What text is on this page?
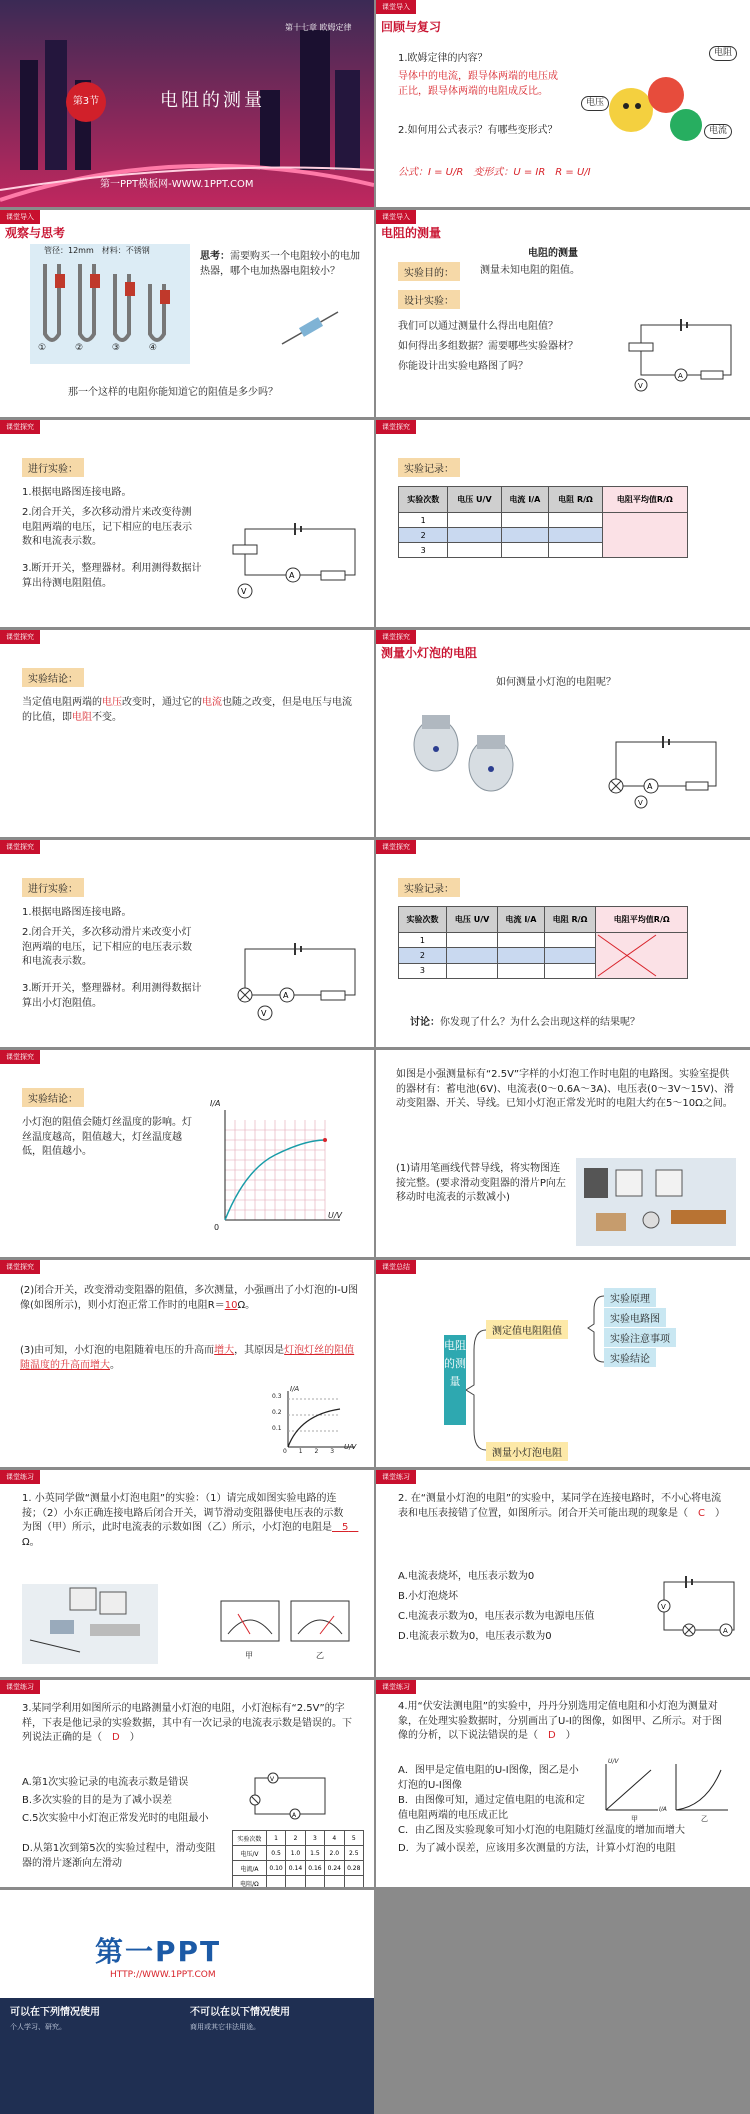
第十七章 欧姆定律
第3节	电阻的测量
第一PPT模板网-WWW.1PPT.COM
课堂导入
回顾与复习
1.欧姆定律的内容？
导体中的电流，跟导体两端的电压成正比，跟导体两端的电阻成反比。
2.如何用公式表示？有哪些变形式？
公式：I = U/R　 变形式：U = IR　 R = U/I
电阻
电压
电流
课堂导入
观察与思考
管径：12mm　材料：不锈钢
①	②	③	④
思考：需要购买一个电阻较小的电加热器，哪个电加热器电阻较小？
那一个这样的电阻你能知道它的阻值是多少吗？
课堂导入
电阻的测量
电阻的测量
实验目的：	测量未知电阻的阻值。
设计实验：
我们可以通过测量什么得出电阻值？
如何得出多组数据？需要哪些实验器材？
你能设计出实验电路图了吗？
A
V
课堂探究
进行实验：
1.根据电路图连接电路。
2.闭合开关，多次移动滑片来改变待测电阻两端的电压，记下相应的电压表示数和电流表示数。
3.断开开关，整理器材。利用测得数据计算出待测电阻阻值。
A
V
课堂探究
实验记录：
实验次数	电压 U/V	电流 I/A	电阻 R/Ω	电阻平均值R/Ω
1				
2				
3				
课堂探究
实验结论：
当定值电阻两端的电压改变时，通过它的电流也随之改变，但是电压与电流的比值，即电阻不变。
课堂探究
测量小灯泡的电阻
如何测量小灯泡的电阻呢？
A
V
课堂探究
进行实验：
1.根据电路图连接电路。
2.闭合开关，多次移动滑片来改变小灯泡两端的电压，记下相应的电压表示数和电流表示数。
3.断开开关，整理器材。利用测得数据计算出小灯泡阻值。
A
V
课堂探究
实验记录：
实验次数	电压 U/V	电流 I/A	电阻 R/Ω	电阻平均值R/Ω
1				

2				
3				
讨论：你发现了什么？为什么会出现这样的结果呢？
课堂探究
实验结论：
小灯泡的阻值会随灯丝温度的影响。灯丝温度越高，阻值越大，灯丝温度越低，阻值越小。
I/A
U/V
0
如图是小强测量标有“2.5V”字样的小灯泡工作时电阻的电路图。实验室提供的器材有：蓄电池(6V)、电流表(0～0.6A～3A)、电压表(0～3V～15V)、滑动变阻器、开关、导线。已知小灯泡正常发光时的电阻大约在5～10Ω之间。
(1)请用笔画线代替导线，将实物图连接完整。(要求滑动变阻器的滑片P向左移动时电流表的示数减小)
课堂探究
(2)闭合开关，改变滑动变阻器的阻值，多次测量，小强画出了小灯泡的I-U图像(如图所示)，则小灯泡正常工作时的电阻R＝10Ω。
(3)由可知，小灯泡的电阻随着电压的升高而增大，其原因是灯泡灯丝的阻值随温度的升高而增大。
I/A
U/V
0.3
0.2
0.1
0 1 2 3
课堂总结
电阻的测量
测定值电阻阻值
测量小灯泡电阻
实验原理
实验电路图
实验注意事项
实验结论
课堂练习
1. 小英同学做“测量小灯泡电阻”的实验：（1）请完成如图实验电路的连接；（2）小东正确连接电路后闭合开关，调节滑动变阻器使电压表的示数为图（甲）所示，此时电流表的示数如图（乙）所示，小灯泡的电阻是　 5　Ω。
甲	乙
课堂练习
2. 在“测量小灯泡的电阻”的实验中，某同学在连接电路时，不小心将电流表和电压表接错了位置，如图所示。闭合开关可能出现的现象是（　 C　 ）
A.电流表烧坏，电压表示数为0
B.小灯泡烧坏
C.电流表示数为0，电压表示数为电源电压值
D.电流表示数为0，电压表示数为0
V
A
课堂练习
3.某同学利用如图所示的电路测量小灯泡的电阻，小灯泡标有“2.5V”的字样，下表是他记录的实验数据，其中有一次记录的电流表示数是错误的。下列说法正确的是（　 D　 ）
A.第1次实验记录的电流表示数是错误
B.多次实验的目的是为了减小误差
C.5次实验中小灯泡正常发光时的电阻最小
D.从第1次到第5次的实验过程中，滑动变阻器的滑片逐渐向左滑动
V
A
实验次数	1	2	3	4	5
电压/V	0.5	1.0	1.5	2.0	2.5
电流/A	0.10	0.14	0.16	0.24	0.28
电阻/Ω					
课堂练习
4.用“伏安法测电阻”的实验中，丹丹分别选用定值电阻和小灯泡为测量对象，在处理实验数据时，分别画出了U-I的图像，如图甲、乙所示。对于图像的分析，以下说法错误的是（　 D　 ）
A．图甲是定值电阻的U-I图像，图乙是小灯泡的U-I图像
B．由图像可知，通过定值电阻的电流和定值电阻两端的电压成正比
C．由乙图及实验现象可知小灯泡的电阻随灯丝温度的增加而增大
D．为了减小误差，应该用多次测量的方法，计算小灯泡的电阻
甲	乙
U/V
I/A
第一PPT
HTTP://WWW.1PPT.COM
可以在下列情况使用
个人学习、研究。
不可以在以下情况使用
商用或其它非法用途。
